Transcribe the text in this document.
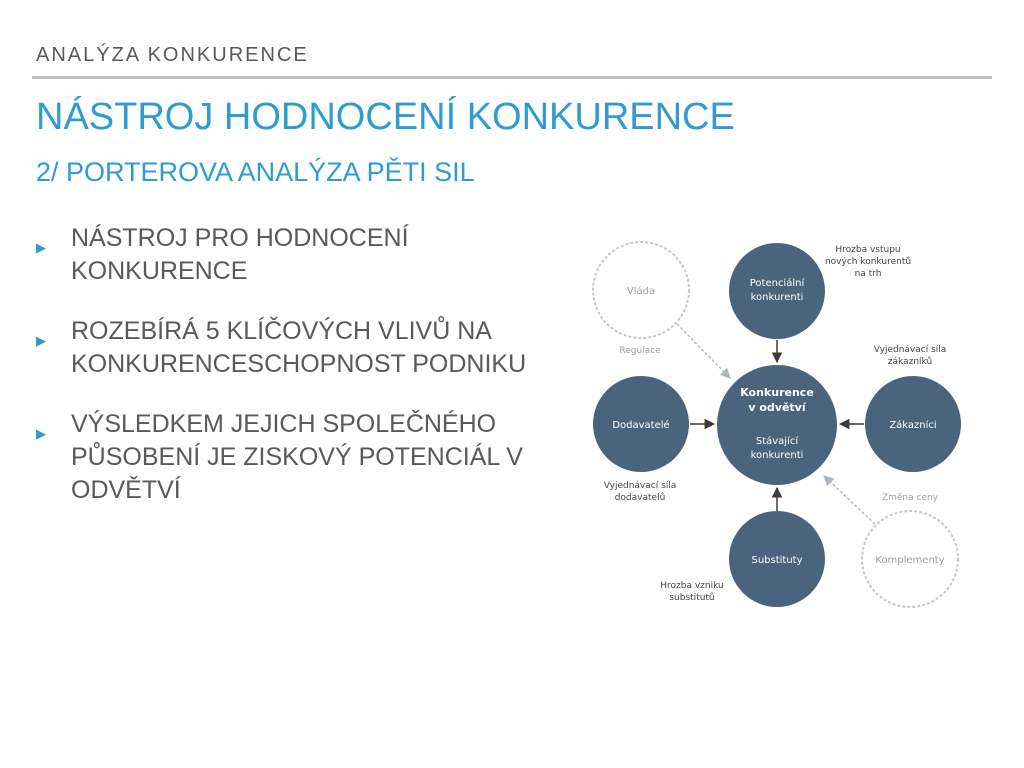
ANALÝZA KONKURENCE
NÁSTROJ HODNOCENÍ KONKURENCE
2/ PORTEROVA ANALÝZA PĚTI SIL
▶ NÁSTROJ PRO HODNOCENÍ KONKURENCE
▶ ROZEBÍRÁ 5 KLÍČOVÝCH VLIVŮ NA KONKURENCESCHOPNOST PODNIKU
▶ VÝSLEDKEM JEJICH SPOLEČNÉHO PŮSOBENÍ JE ZISKOVÝ POTENCIÁL V ODVĚTVÍ
Vláda
Komplementy
Potenciální
konkurenti
Dodavatelé	Zákazníci
Substituty
Konkurence
v odvětví
Stávající
konkurenti
Hrozba vstupu
nových konkurentů
na trh
Vyjednávací síla
zákazníků
Vyjednávací síla
dodavatelů
Hrozba vzniku
substitutů
Regulace
Změna ceny
